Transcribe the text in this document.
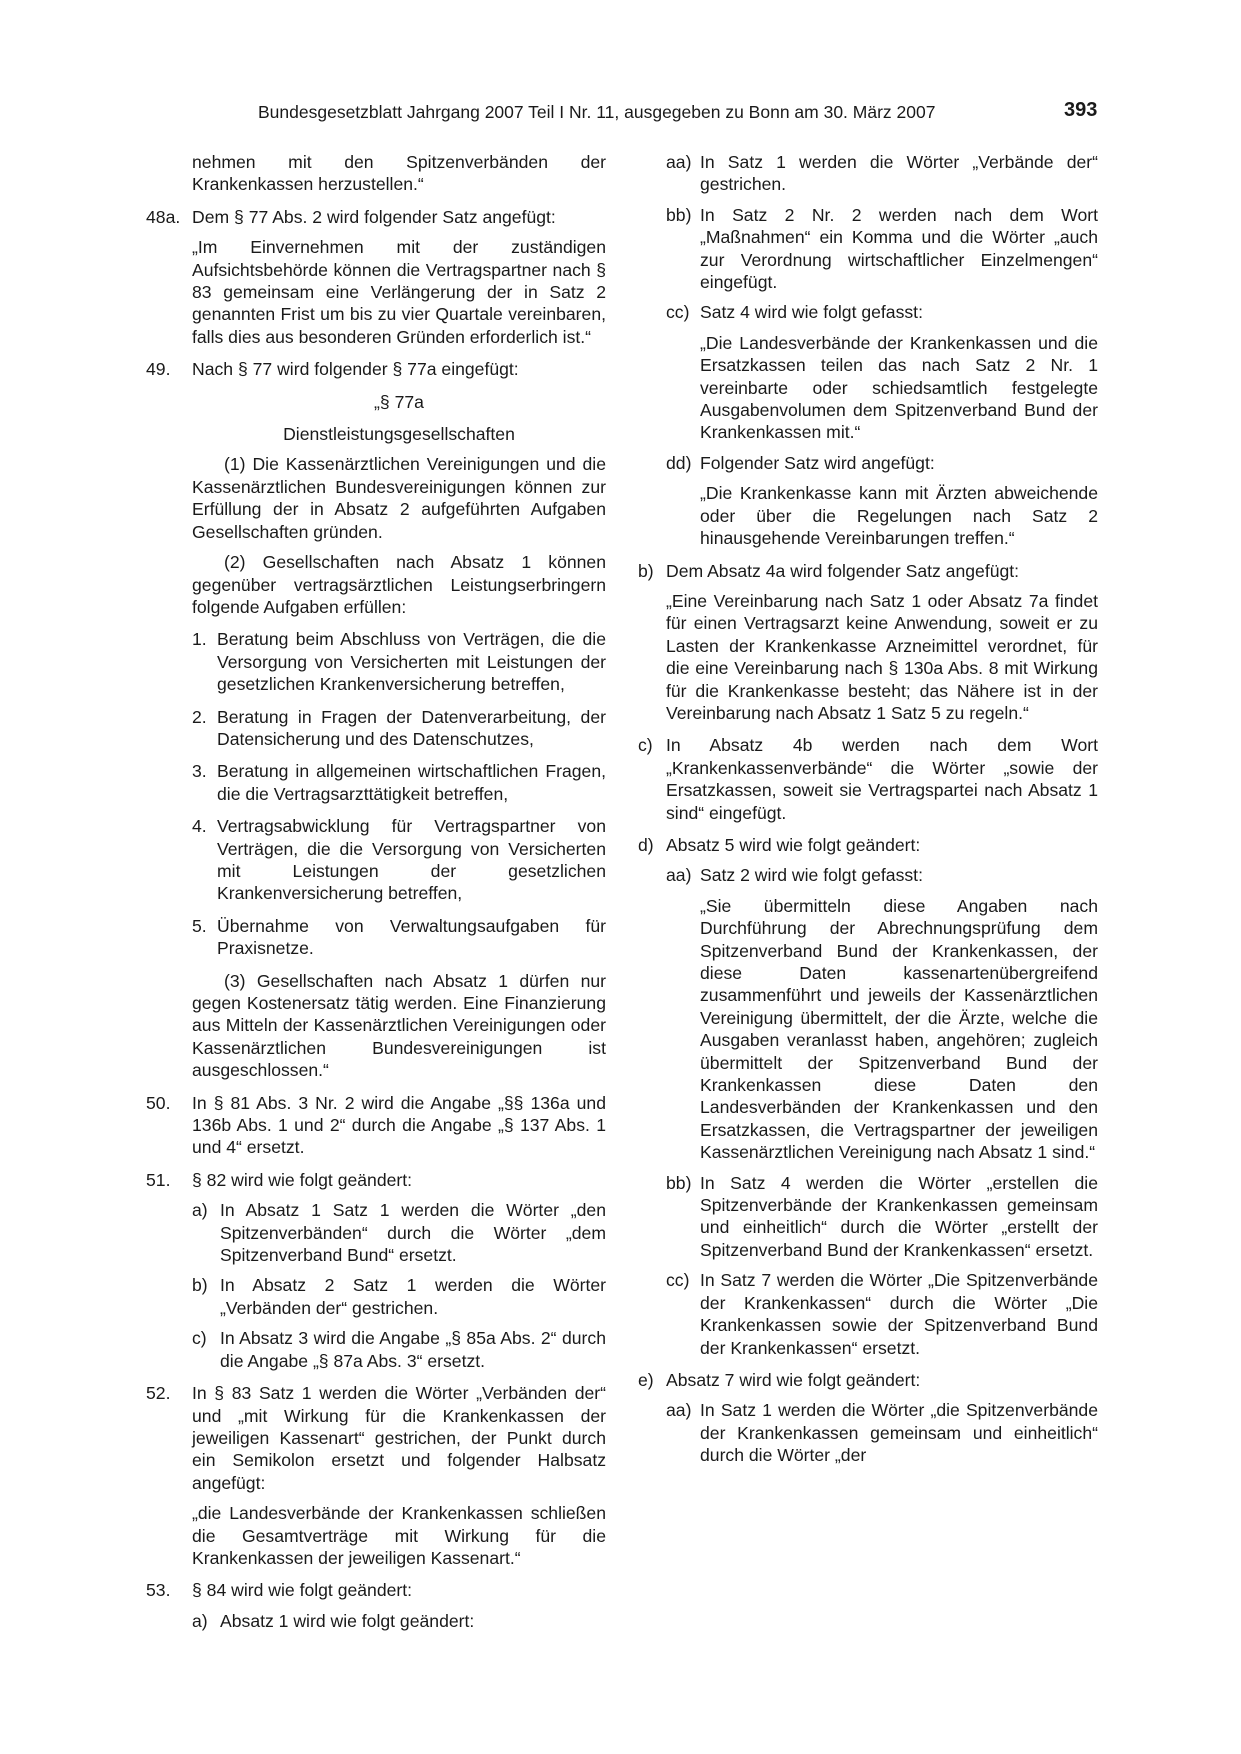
Bundesgesetzblatt Jahrgang 2007 Teil I Nr. 11, ausgegeben zu Bonn am 30. März 2007	393
nehmen mit den Spitzenverbänden der Krankenkassen herzustellen.“
48a. Dem § 77 Abs. 2 wird folgender Satz angefügt:
„Im Einvernehmen mit der zuständigen Aufsichtsbehörde können die Vertragspartner nach § 83 gemeinsam eine Verlängerung der in Satz 2 genannten Frist um bis zu vier Quartale vereinbaren, falls dies aus besonderen Gründen erforderlich ist.“
49.	Nach § 77 wird folgender § 77a eingefügt:
„§ 77a
Dienstleistungsgesellschaften
(1) Die Kassenärztlichen Vereinigungen und die Kassenärztlichen Bundesvereinigungen können zur Erfüllung der in Absatz 2 aufgeführten Aufgaben Gesellschaften gründen.
(2) Gesellschaften nach Absatz 1 können gegenüber vertragsärztlichen Leistungserbringern folgende Aufgaben erfüllen:
1. Beratung beim Abschluss von Verträgen, die die Versorgung von Versicherten mit Leistungen der gesetzlichen Krankenversicherung betreffen,
2. Beratung in Fragen der Datenverarbeitung, der Datensicherung und des Datenschutzes,
3. Beratung in allgemeinen wirtschaftlichen Fragen, die die Vertragsarzttätigkeit betreffen,
4. Vertragsabwicklung für Vertragspartner von Verträgen, die die Versorgung von Versicherten mit Leistungen der gesetzlichen Krankenversicherung betreffen,
5. Übernahme von Verwaltungsaufgaben für Praxisnetze.
(3) Gesellschaften nach Absatz 1 dürfen nur gegen Kostenersatz tätig werden. Eine Finanzierung aus Mitteln der Kassenärztlichen Vereinigungen oder Kassenärztlichen Bundesvereinigungen ist ausgeschlossen.“
50.	In § 81 Abs. 3 Nr. 2 wird die Angabe „§§ 136a und 136b Abs. 1 und 2“ durch die Angabe „§ 137 Abs. 1 und 4“ ersetzt.
51.	§ 82 wird wie folgt geändert:
a) In Absatz 1 Satz 1 werden die Wörter „den Spitzenverbänden“ durch die Wörter „dem Spitzenverband Bund“ ersetzt.
b) In Absatz 2 Satz 1 werden die Wörter „Verbänden der“ gestrichen.
c) In Absatz 3 wird die Angabe „§ 85a Abs. 2“ durch die Angabe „§ 87a Abs. 3“ ersetzt.
52.	In § 83 Satz 1 werden die Wörter „Verbänden der“ und „mit Wirkung für die Krankenkassen der jeweiligen Kassenart“ gestrichen, der Punkt durch ein Semikolon ersetzt und folgender Halbsatz angefügt:
„die Landesverbände der Krankenkassen schließen die Gesamtverträge mit Wirkung für die Krankenkassen der jeweiligen Kassenart.“
53.	§ 84 wird wie folgt geändert:
a) Absatz 1 wird wie folgt geändert:
aa) In Satz 1 werden die Wörter „Verbände der“ gestrichen.
bb) In Satz 2 Nr. 2 werden nach dem Wort „Maßnahmen“ ein Komma und die Wörter „auch zur Verordnung wirtschaftlicher Einzelmengen“ eingefügt.
cc) Satz 4 wird wie folgt gefasst:
„Die Landesverbände der Krankenkassen und die Ersatzkassen teilen das nach Satz 2 Nr. 1 vereinbarte oder schiedsamtlich festgelegte Ausgabenvolumen dem Spitzenverband Bund der Krankenkassen mit.“
dd) Folgender Satz wird angefügt:
„Die Krankenkasse kann mit Ärzten abweichende oder über die Regelungen nach Satz 2 hinausgehende Vereinbarungen treffen.“
b) Dem Absatz 4a wird folgender Satz angefügt:
„Eine Vereinbarung nach Satz 1 oder Absatz 7a findet für einen Vertragsarzt keine Anwendung, soweit er zu Lasten der Krankenkasse Arzneimittel verordnet, für die eine Vereinbarung nach § 130a Abs. 8 mit Wirkung für die Krankenkasse besteht; das Nähere ist in der Vereinbarung nach Absatz 1 Satz 5 zu regeln.“
c) In Absatz 4b werden nach dem Wort „Krankenkassenverbände“ die Wörter „sowie der Ersatzkassen, soweit sie Vertragspartei nach Absatz 1 sind“ eingefügt.
d) Absatz 5 wird wie folgt geändert:
aa) Satz 2 wird wie folgt gefasst:
„Sie übermitteln diese Angaben nach Durchführung der Abrechnungsprüfung dem Spitzenverband Bund der Krankenkassen, der diese Daten kassenartenübergreifend zusammenführt und jeweils der Kassenärztlichen Vereinigung übermittelt, der die Ärzte, welche die Ausgaben veranlasst haben, angehören; zugleich übermittelt der Spitzenverband Bund der Krankenkassen diese Daten den Landesverbänden der Krankenkassen und den Ersatzkassen, die Vertragspartner der jeweiligen Kassenärztlichen Vereinigung nach Absatz 1 sind.“
bb) In Satz 4 werden die Wörter „erstellen die Spitzenverbände der Krankenkassen gemeinsam und einheitlich“ durch die Wörter „erstellt der Spitzenverband Bund der Krankenkassen“ ersetzt.
cc) In Satz 7 werden die Wörter „Die Spitzenverbände der Krankenkassen“ durch die Wörter „Die Krankenkassen sowie der Spitzenverband Bund der Krankenkassen“ ersetzt.
e) Absatz 7 wird wie folgt geändert:
aa) In Satz 1 werden die Wörter „die Spitzenverbände der Krankenkassen gemeinsam und einheitlich“ durch die Wörter „der
